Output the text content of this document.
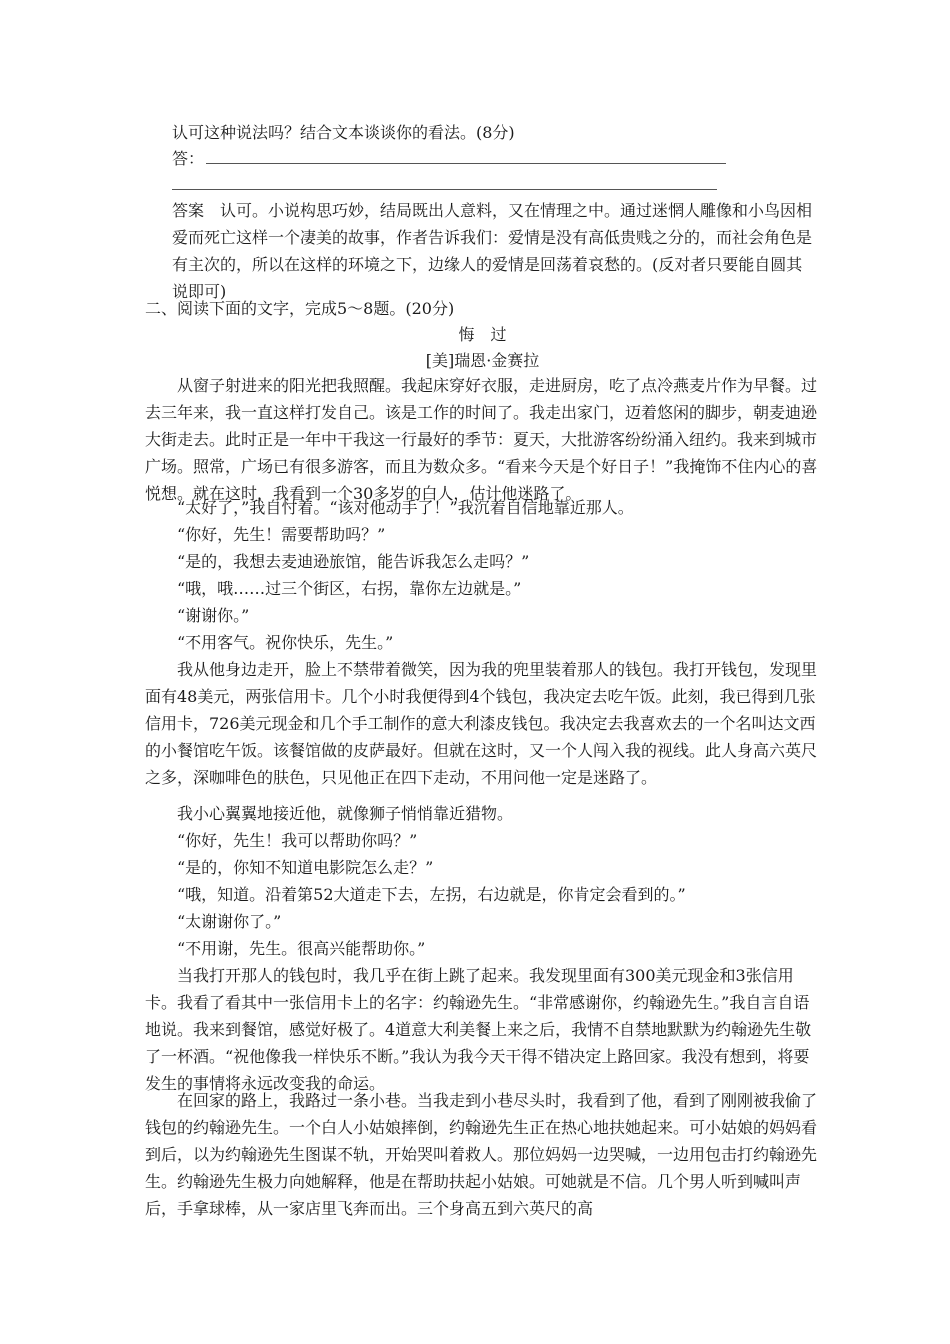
认可这种说法吗？结合文本谈谈你的看法。(8分)
答：
答案　认可。小说构思巧妙，结局既出人意料，又在情理之中。通过迷惘人雕像和小鸟因相爱而死亡这样一个凄美的故事，作者告诉我们：爱情是没有高低贵贱之分的，而社会角色是有主次的，所以在这样的环境之下，边缘人的爱情是回荡着哀愁的。(反对者只要能自圆其说即可)
二、阅读下面的文字，完成5～8题。(20分)
悔　过
[美]瑞恩·金赛拉
从窗子射进来的阳光把我照醒。我起床穿好衣服，走进厨房，吃了点冷燕麦片作为早餐。过去三年来，我一直这样打发自己。该是工作的时间了。我走出家门，迈着悠闲的脚步，朝麦迪逊大街走去。此时正是一年中干我这一行最好的季节：夏天，大批游客纷纷涌入纽约。我来到城市广场。照常，广场已有很多游客，而且为数众多。“看来今天是个好日子！”我掩饰不住内心的喜悦想。就在这时，我看到一个30多岁的白人，估计他迷路了。
“太好了，”我自忖着。“该对他动手了！”我沉着自信地靠近那人。
“你好，先生！需要帮助吗？”
“是的，我想去麦迪逊旅馆，能告诉我怎么走吗？”
“哦，哦……过三个街区，右拐，靠你左边就是。”
“谢谢你。”
“不用客气。祝你快乐，先生。”
我从他身边走开，脸上不禁带着微笑，因为我的兜里装着那人的钱包。我打开钱包，发现里面有48美元，两张信用卡。几个小时我便得到4个钱包，我决定去吃午饭。此刻，我已得到几张信用卡，726美元现金和几个手工制作的意大利漆皮钱包。我决定去我喜欢去的一个名叫达文西的小餐馆吃午饭。该餐馆做的皮萨最好。但就在这时，又一个人闯入我的视线。此人身高六英尺之多，深咖啡色的肤色，只见他正在四下走动，不用问他一定是迷路了。
我小心翼翼地接近他，就像狮子悄悄靠近猎物。
“你好，先生！我可以帮助你吗？”
“是的，你知不知道电影院怎么走？”
“哦，知道。沿着第52大道走下去，左拐，右边就是，你肯定会看到的。”
“太谢谢你了。”
“不用谢，先生。很高兴能帮助你。”
当我打开那人的钱包时，我几乎在街上跳了起来。我发现里面有300美元现金和3张信用卡。我看了看其中一张信用卡上的名字：约翰逊先生。“非常感谢你，约翰逊先生。”我自言自语地说。我来到餐馆，感觉好极了。4道意大利美餐上来之后，我情不自禁地默默为约翰逊先生敬了一杯酒。“祝他像我一样快乐不断。”我认为我今天干得不错决定上路回家。我没有想到，将要发生的事情将永远改变我的命运。
在回家的路上，我路过一条小巷。当我走到小巷尽头时，我看到了他，看到了刚刚被我偷了钱包的约翰逊先生。一个白人小姑娘摔倒，约翰逊先生正在热心地扶她起来。可小姑娘的妈妈看到后，以为约翰逊先生图谋不轨，开始哭叫着救人。那位妈妈一边哭喊，一边用包击打约翰逊先生。约翰逊先生极力向她解释，他是在帮助扶起小姑娘。可她就是不信。几个男人听到喊叫声后，手拿球棒，从一家店里飞奔而出。三个身高五到六英尺的高
